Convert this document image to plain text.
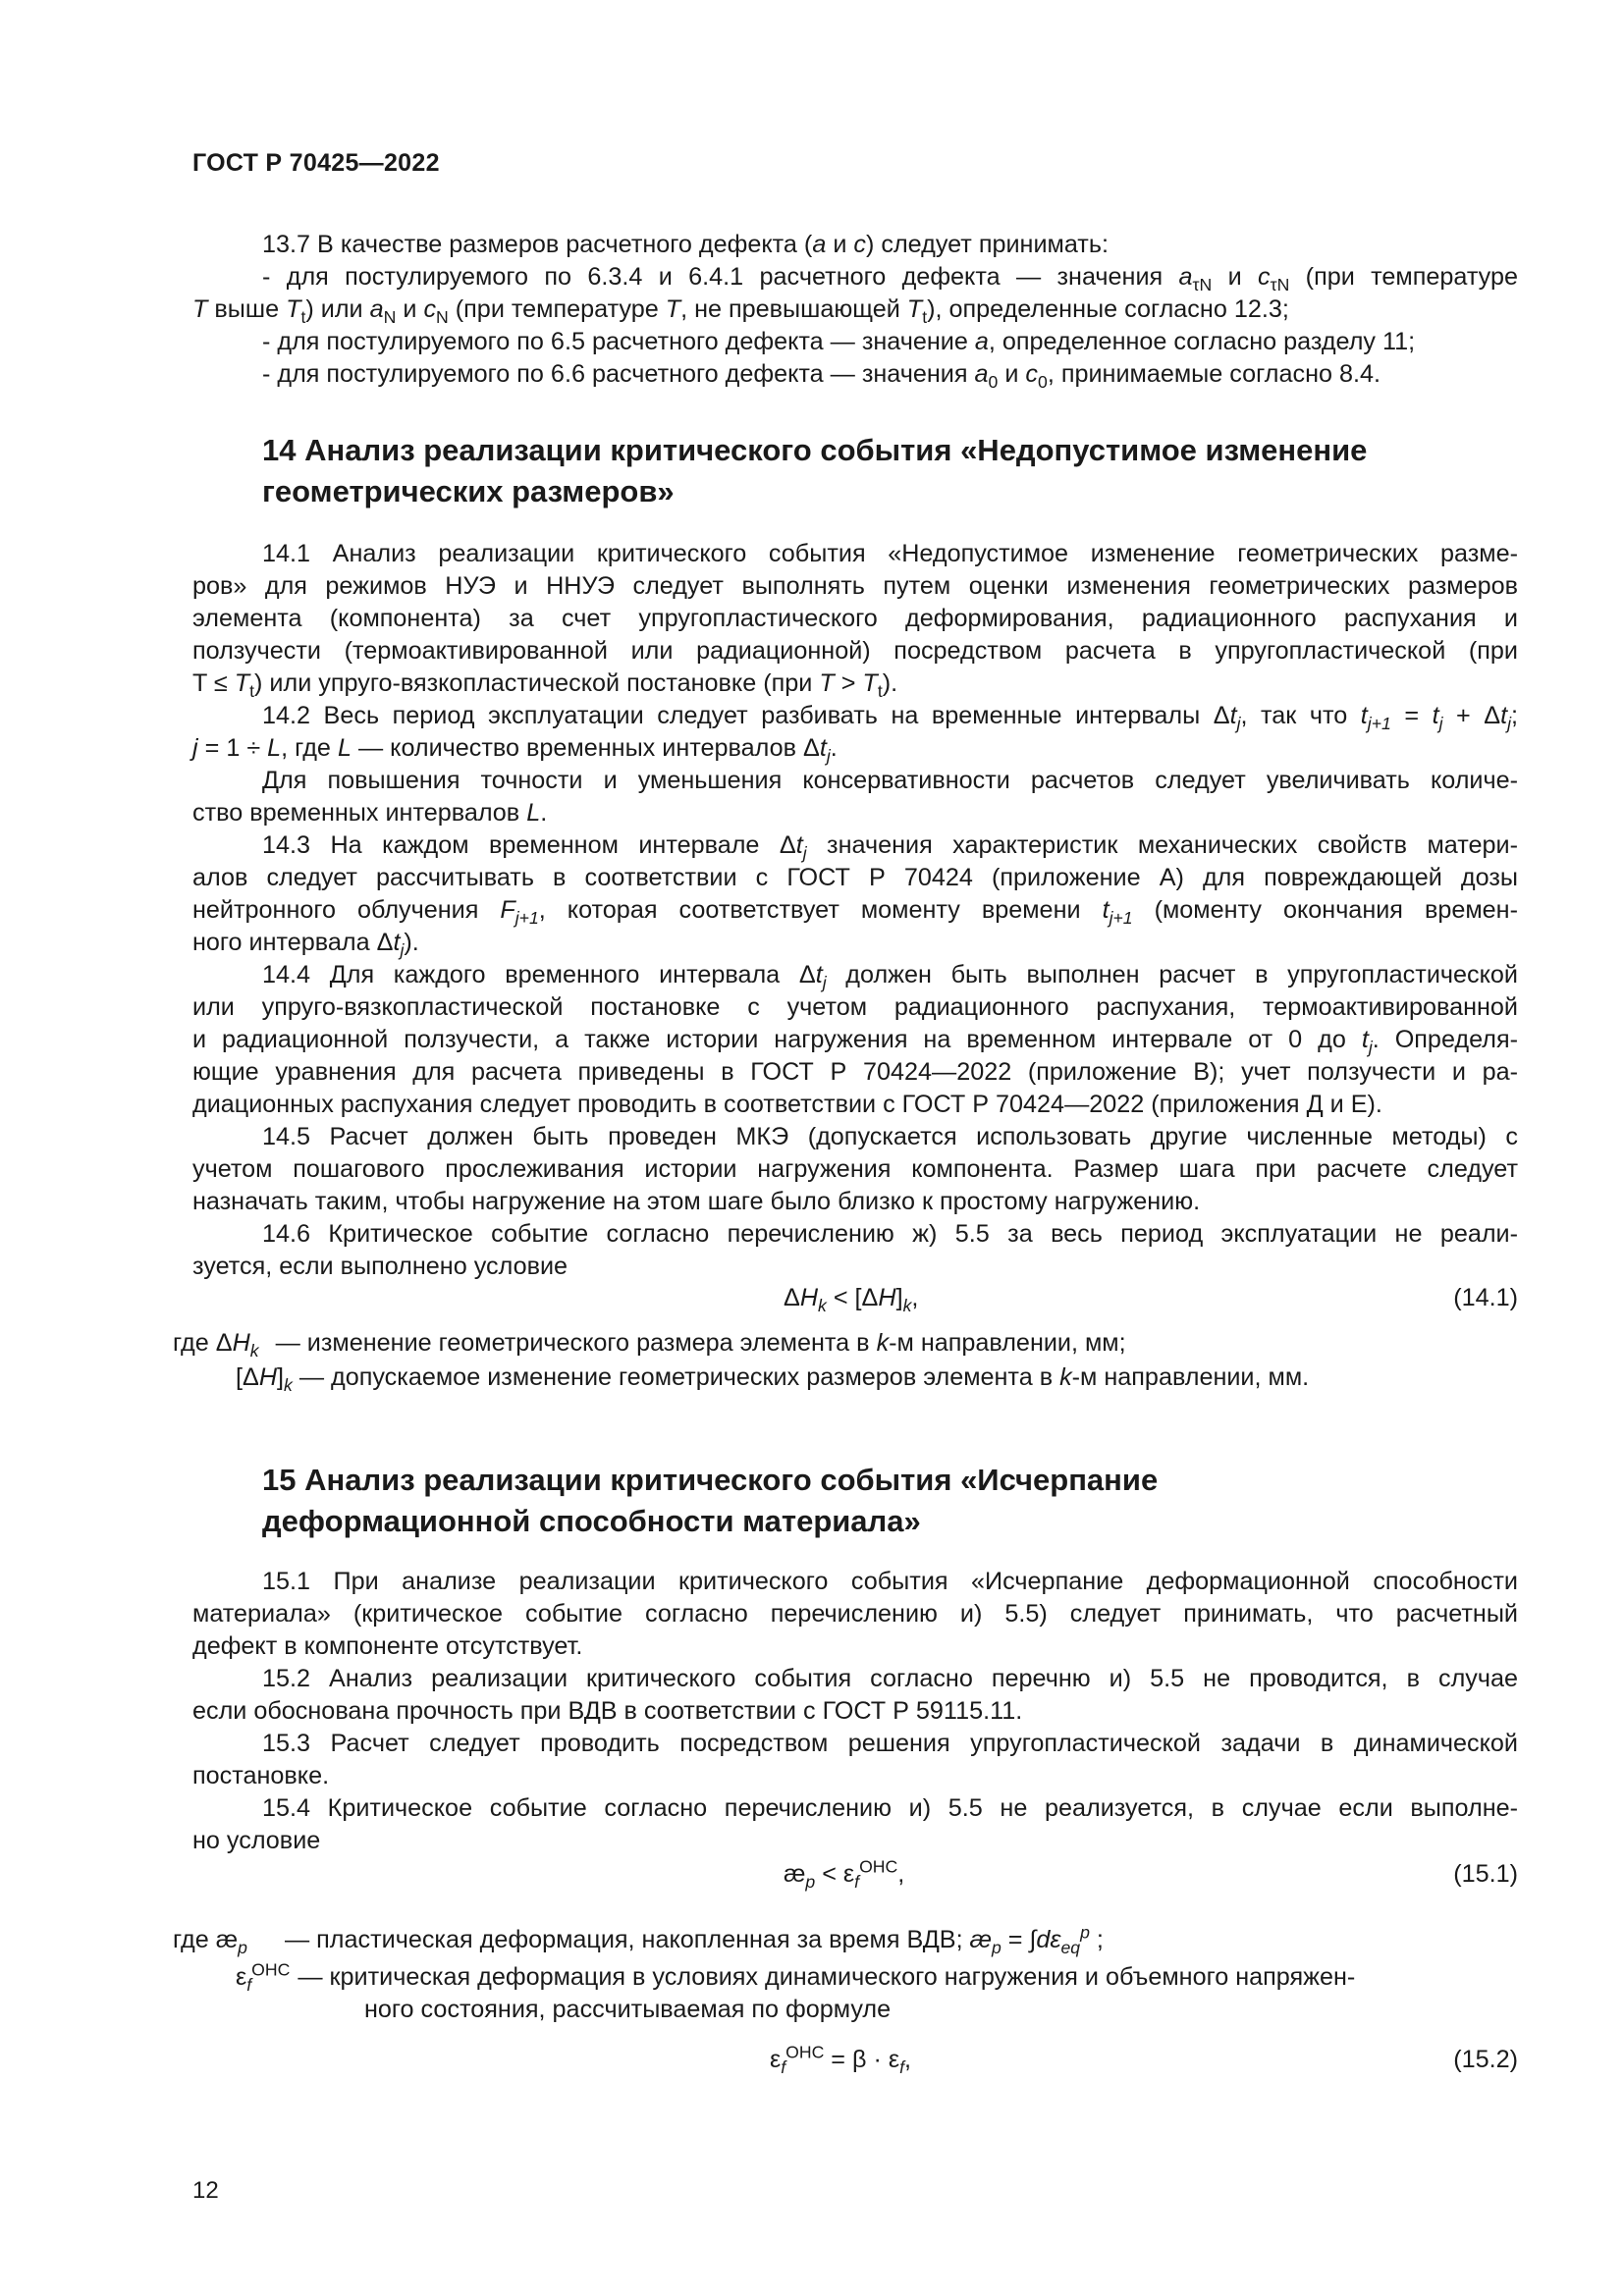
ГОСТ Р 70425—2022
13.7 В качестве размеров расчетного дефекта (a и c) следует принимать:
- для постулируемого по 6.3.4 и 6.4.1 расчетного дефекта — значения $a_{\tau N}$ и $c_{\tau N}$ (при температуре
T выше $T_t$) или $a_N$ и $c_N$ (при температуре T, не превышающей $T_t$), определенные согласно 12.3;
- для постулируемого по 6.5 расчетного дефекта — значение a, определенное согласно разделу 11;
- для постулируемого по 6.6 расчетного дефекта — значения $a_0$ и $c_0$, принимаемые согласно 8.4.
14 Анализ реализации критического события «Недопустимое изменение
геометрических размеров»
14.1 Анализ реализации критического события «Недопустимое изменение геометрических разме-
ров» для режимов НУЭ и ННУЭ следует выполнять путем оценки изменения геометрических размеров
элемента (компонента) за счет упругопластического деформирования, радиационного распухания и
ползучести (термоактивированной или радиационной) посредством расчета в упругопластической (при
$T \le T_t$) или упруго-вязкопластической постановке (при $T > T_t$).
14.2 Весь период эксплуатации следует разбивать на временные интервалы $\Delta t_j$, так что $t_{j+1} = t_j + \Delta t_j$;
j = 1 ÷ L, где L — количество временных интервалов $\Delta t_j$.
Для повышения точности и уменьшения консервативности расчетов следует увеличивать количе-
ство временных интервалов L.
14.3 На каждом временном интервале $\Delta t_j$ значения характеристик механических свойств матери-
алов следует рассчитывать в соответствии с ГОСТ Р 70424 (приложение А) для повреждающей дозы
нейтронного облучения $F_{j+1}$, которая соответствует моменту времени $t_{j+1}$ (моменту окончания времен-
ного интервала $\Delta t_j$).
14.4 Для каждого временного интервала $\Delta t_j$ должен быть выполнен расчет в упругопластической
или упруго-вязкопластической постановке с учетом радиационного распухания, термоактивированной
и радиационной ползучести, а также истории нагружения на временном интервале от 0 до $t_j$. Определя-
ющие уравнения для расчета приведены в ГОСТ Р 70424—2022 (приложение В); учет ползучести и ра-
диационных распухания следует проводить в соответствии с ГОСТ Р 70424—2022 (приложения Д и Е).
14.5 Расчет должен быть проведен МКЭ (допускается использовать другие численные методы) с
учетом пошагового прослеживания истории нагружения компонента. Размер шага при расчете следует
назначать таким, чтобы нагружение на этом шаге было близко к простому нагружению.
14.6 Критическое событие согласно перечислению ж) 5.5 за весь период эксплуатации не реали-
зуется, если выполнено условие
$\Delta H_k < [\Delta H]_k$,	(14.1)
где $\Delta H_k$ — изменение геометрического размера элемента в k-м направлении, мм;
$[\Delta H]_k$ — допускаемое изменение геометрических размеров элемента в k-м направлении, мм.
15 Анализ реализации критического события «Исчерпание
деформационной способности материала»
15.1 При анализе реализации критического события «Исчерпание деформационной способности
материала» (критическое событие согласно перечислению и) 5.5) следует принимать, что расчетный
дефект в компоненте отсутствует.
15.2 Анализ реализации критического события согласно перечню и) 5.5 не проводится, в случае
если обоснована прочность при ВДВ в соответствии с ГОСТ Р 59115.11.
15.3 Расчет следует проводить посредством решения упругопластической задачи в динамической
постановке.
15.4 Критическое событие согласно перечислению и) 5.5 не реализуется, в случае если выполне-
но условие
$æ_p < \varepsilon_f^{ОНС}$,	(15.1)
где $æ_p$ — пластическая деформация, накопленная за время ВДВ; $æ_p = \int d\varepsilon_{eq}^p$ ;
$\varepsilon_f^{ОНС}$ — критическая деформация в условиях динамического нагружения и объемного напряжен-
ного состояния, рассчитываемая по формуле
$\varepsilon_f^{ОНС} = \beta \cdot \varepsilon_f$,	(15.2)
12
